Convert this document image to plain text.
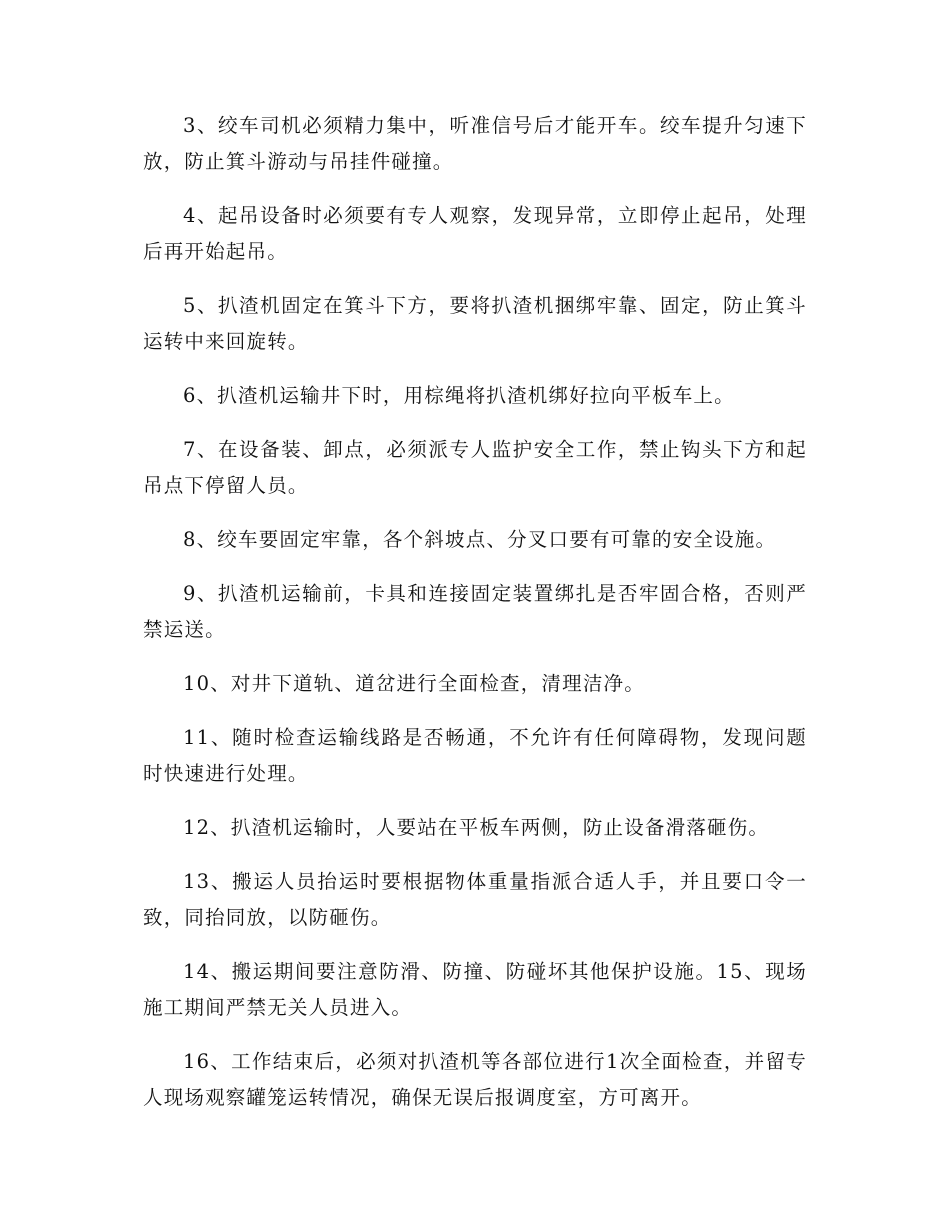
3、绞车司机必须精力集中，听准信号后才能开车。绞车提升匀速下放，防止箕斗游动与吊挂件碰撞。

4、起吊设备时必须要有专人观察，发现异常，立即停止起吊，处理后再开始起吊。

5、扒渣机固定在箕斗下方，要将扒渣机捆绑牢靠、固定，防止箕斗运转中来回旋转。

6、扒渣机运输井下时，用棕绳将扒渣机绑好拉向平板车上。

7、在设备装、卸点，必须派专人监护安全工作，禁止钩头下方和起吊点下停留人员。

8、绞车要固定牢靠，各个斜坡点、分叉口要有可靠的安全设施。

9、扒渣机运输前，卡具和连接固定装置绑扎是否牢固合格，否则严禁运送。

10、对井下道轨、道岔进行全面检查，清理洁净。

11、随时检查运输线路是否畅通，不允许有任何障碍物，发现问题时快速进行处理。

12、扒渣机运输时，人要站在平板车两侧，防止设备滑落砸伤。

13、搬运人员抬运时要根据物体重量指派合适人手，并且要口令一致，同抬同放，以防砸伤。

14、搬运期间要注意防滑、防撞、防碰坏其他保护设施。15、现场施工期间严禁无关人员进入。

16、工作结束后，必须对扒渣机等各部位进行1次全面检查，并留专人现场观察罐笼运转情况，确保无误后报调度室，方可离开。
